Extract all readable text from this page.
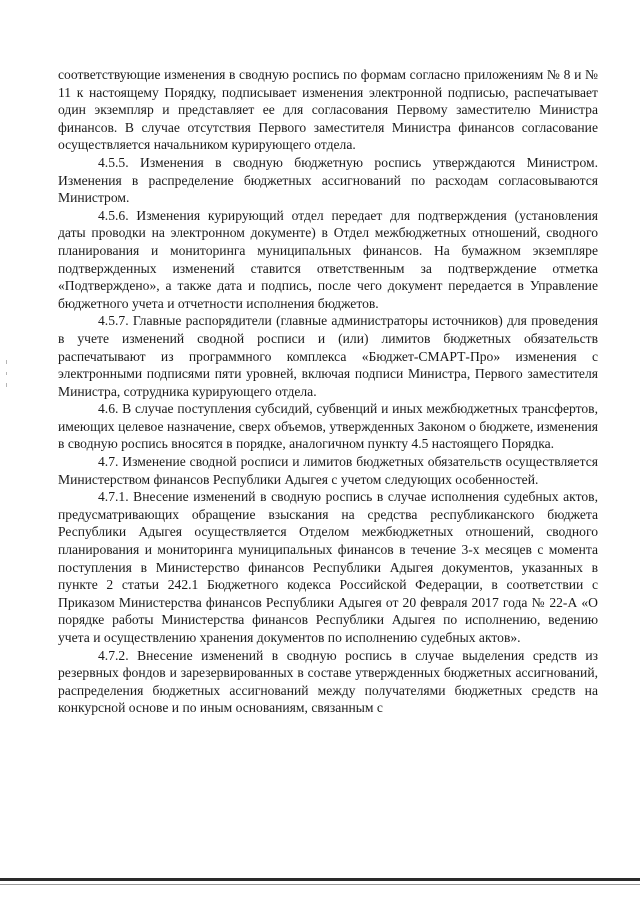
соответствующие изменения в сводную роспись по формам согласно приложениям № 8 и № 11 к настоящему Порядку, подписывает изменения электронной подписью, распечатывает один экземпляр и представляет ее для согласования Первому заместителю Министра финансов. В случае отсутствия Первого заместителя Министра финансов согласование осуществляется начальником курирующего отдела.

4.5.5. Изменения в сводную бюджетную роспись утверждаются Министром. Изменения в распределение бюджетных ассигнований по расходам согласовываются Министром.

4.5.6. Изменения курирующий отдел передает для подтверждения (установления даты проводки на электронном документе) в Отдел межбюджетных отношений, сводного планирования и мониторинга муниципальных финансов. На бумажном экземпляре подтвержденных изменений ставится ответственным за подтверждение отметка «Подтверждено», а также дата и подпись, после чего документ передается в Управление бюджетного учета и отчетности исполнения бюджетов.

4.5.7. Главные распорядители (главные администраторы источников) для проведения в учете изменений сводной росписи и (или) лимитов бюджетных обязательств распечатывают из программного комплекса «Бюджет-СМАРТ-Про» изменения с электронными подписями пяти уровней, включая подписи Министра, Первого заместителя Министра, сотрудника курирующего отдела.

4.6. В случае поступления субсидий, субвенций и иных межбюджетных трансфертов, имеющих целевое назначение, сверх объемов, утвержденных Законом о бюджете, изменения в сводную роспись вносятся в порядке, аналогичном пункту 4.5 настоящего Порядка.

4.7. Изменение сводной росписи и лимитов бюджетных обязательств осуществляется Министерством финансов Республики Адыгея с учетом следующих особенностей.

4.7.1. Внесение изменений в сводную роспись в случае исполнения судебных актов, предусматривающих обращение взыскания на средства республиканского бюджета Республики Адыгея осуществляется Отделом межбюджетных отношений, сводного планирования и мониторинга муниципальных финансов в течение 3-х месяцев с момента поступления в Министерство финансов Республики Адыгея документов, указанных в пункте 2 статьи 242.1 Бюджетного кодекса Российской Федерации, в соответствии с Приказом Министерства финансов Республики Адыгея от 20 февраля 2017 года № 22-А «О порядке работы Министерства финансов Республики Адыгея по исполнению, ведению учета и осуществлению хранения документов по исполнению судебных актов».

4.7.2. Внесение изменений в сводную роспись в случае выделения средств из резервных фондов и зарезервированных в составе утвержденных бюджетных ассигнований, распределения бюджетных ассигнований между получателями бюджетных средств на конкурсной основе и по иным основаниям, связанным с
